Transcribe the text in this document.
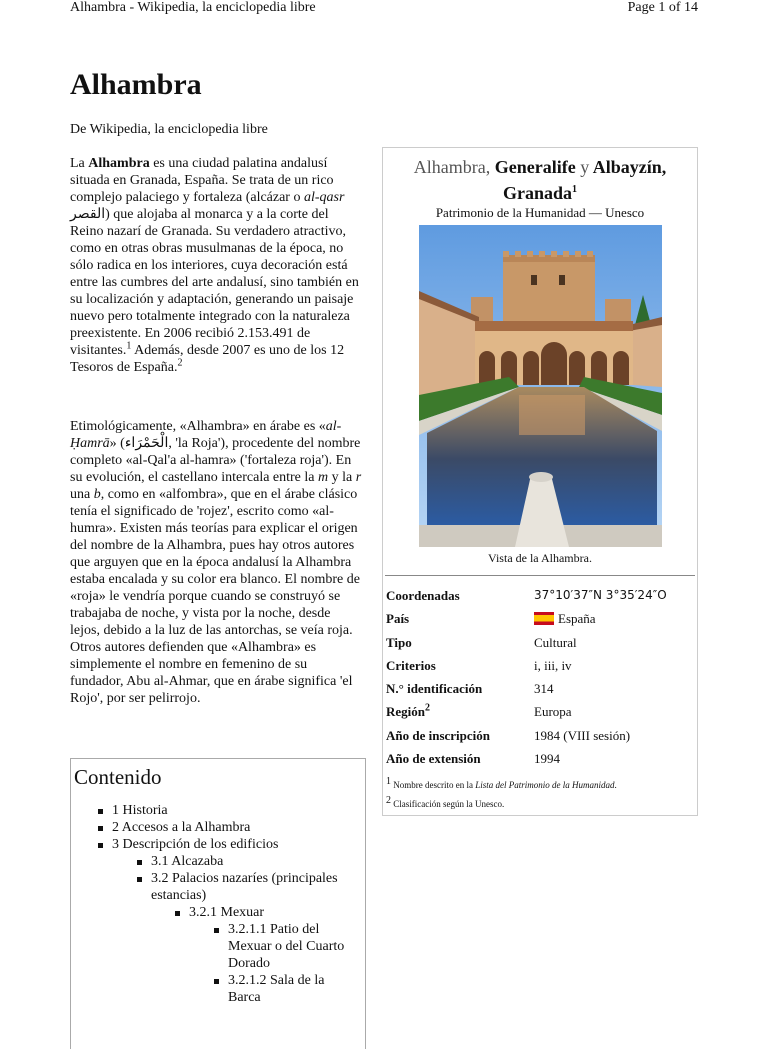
Alhambra - Wikipedia, la enciclopedia libre	Page 1 of 14
Alhambra
De Wikipedia, la enciclopedia libre

La Alhambra es una ciudad palatina andalusí situada en Granada, España. Se trata de un rico complejo palaciego y fortaleza (alcázar o al-qasr القصر) que alojaba al monarca y a la corte del Reino nazarí de Granada. Su verdadero atractivo, como en otras obras musulmanas de la época, no sólo radica en los interiores, cuya decoración está entre las cumbres del arte andalusí, sino también en su localización y adaptación, generando un paisaje nuevo pero totalmente integrado con la naturaleza preexistente. En 2006 recibió 2.153.491 de visitantes.$^1$ Además, desde 2007 es uno de los 12 Tesoros de España.$^2$

Etimológicamente, «Alhambra» en árabe es «al-Ḥamrā» (الْحَمْرَاء, 'la Roja'), procedente del nombre completo «al-Qal'a al-hamra» ('fortaleza roja'). En su evolución, el castellano intercala entre la m y la r una b, como en «alfombra», que en el árabe clásico tenía el significado de 'rojez', escrito como «al-humra». Existen más teorías para explicar el origen del nombre de la Alhambra, pues hay otros autores que arguyen que en la época andalusí la Alhambra estaba encalada y su color era blanco. El nombre de «roja» le vendría porque cuando se construyó se trabajaba de noche, y vista por la noche, desde lejos, debido a la luz de las antorchas, se veía roja. Otros autores defienden que «Alhambra» es simplemente el nombre en femenino de su fundador, Abu al-Ahmar, que en árabe significa 'el Rojo', por ser pelirrojo.

Contenido
1 Historia
2 Accesos a la Alhambra
3 Descripción de los edificios
3.1 Alcazaba
3.2 Palacios nazaríes (principales estancias)
3.2.1 Mexuar
3.2.1.1 Patio del Mexuar o del Cuarto Dorado
3.2.1.2 Sala de la Barca
Alhambra, Generalife y Albayzín,
Granada$^1$
Patrimonio de la Humanidad — Unesco
Vista de la Alhambra.
Coordenadas	37°10′37″N 3°35′24″O
País	España
Tipo	Cultural
Criterios	i, iii, iv
N.° identificación	314
Región$^2$	Europa
Año de inscripción	1984 (VIII sesión)
Año de extensión	1994
$^1$ Nombre descrito en la Lista del Patrimonio de la Humanidad.
$^2$ Clasificación según la Unesco.
